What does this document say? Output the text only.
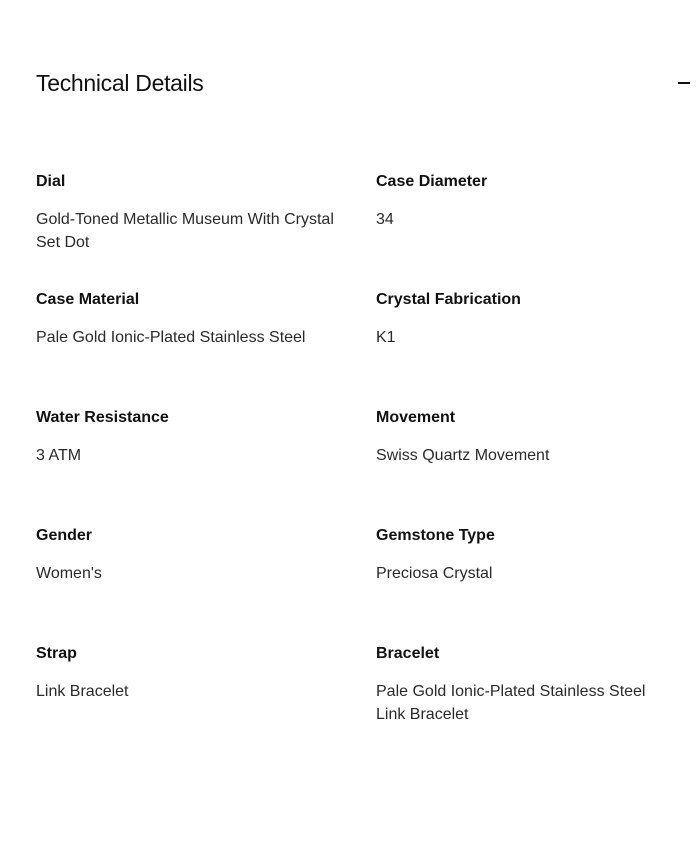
Technical Details
Dial
Gold-Toned Metallic Museum With Crystal Set Dot
Case Diameter
34
Case Material
Pale Gold Ionic-Plated Stainless Steel
Crystal Fabrication
K1
Water Resistance
3 ATM
Movement
Swiss Quartz Movement
Gender
Women's
Gemstone Type
Preciosa Crystal
Strap
Link Bracelet
Bracelet
Pale Gold Ionic-Plated Stainless Steel Link Bracelet
